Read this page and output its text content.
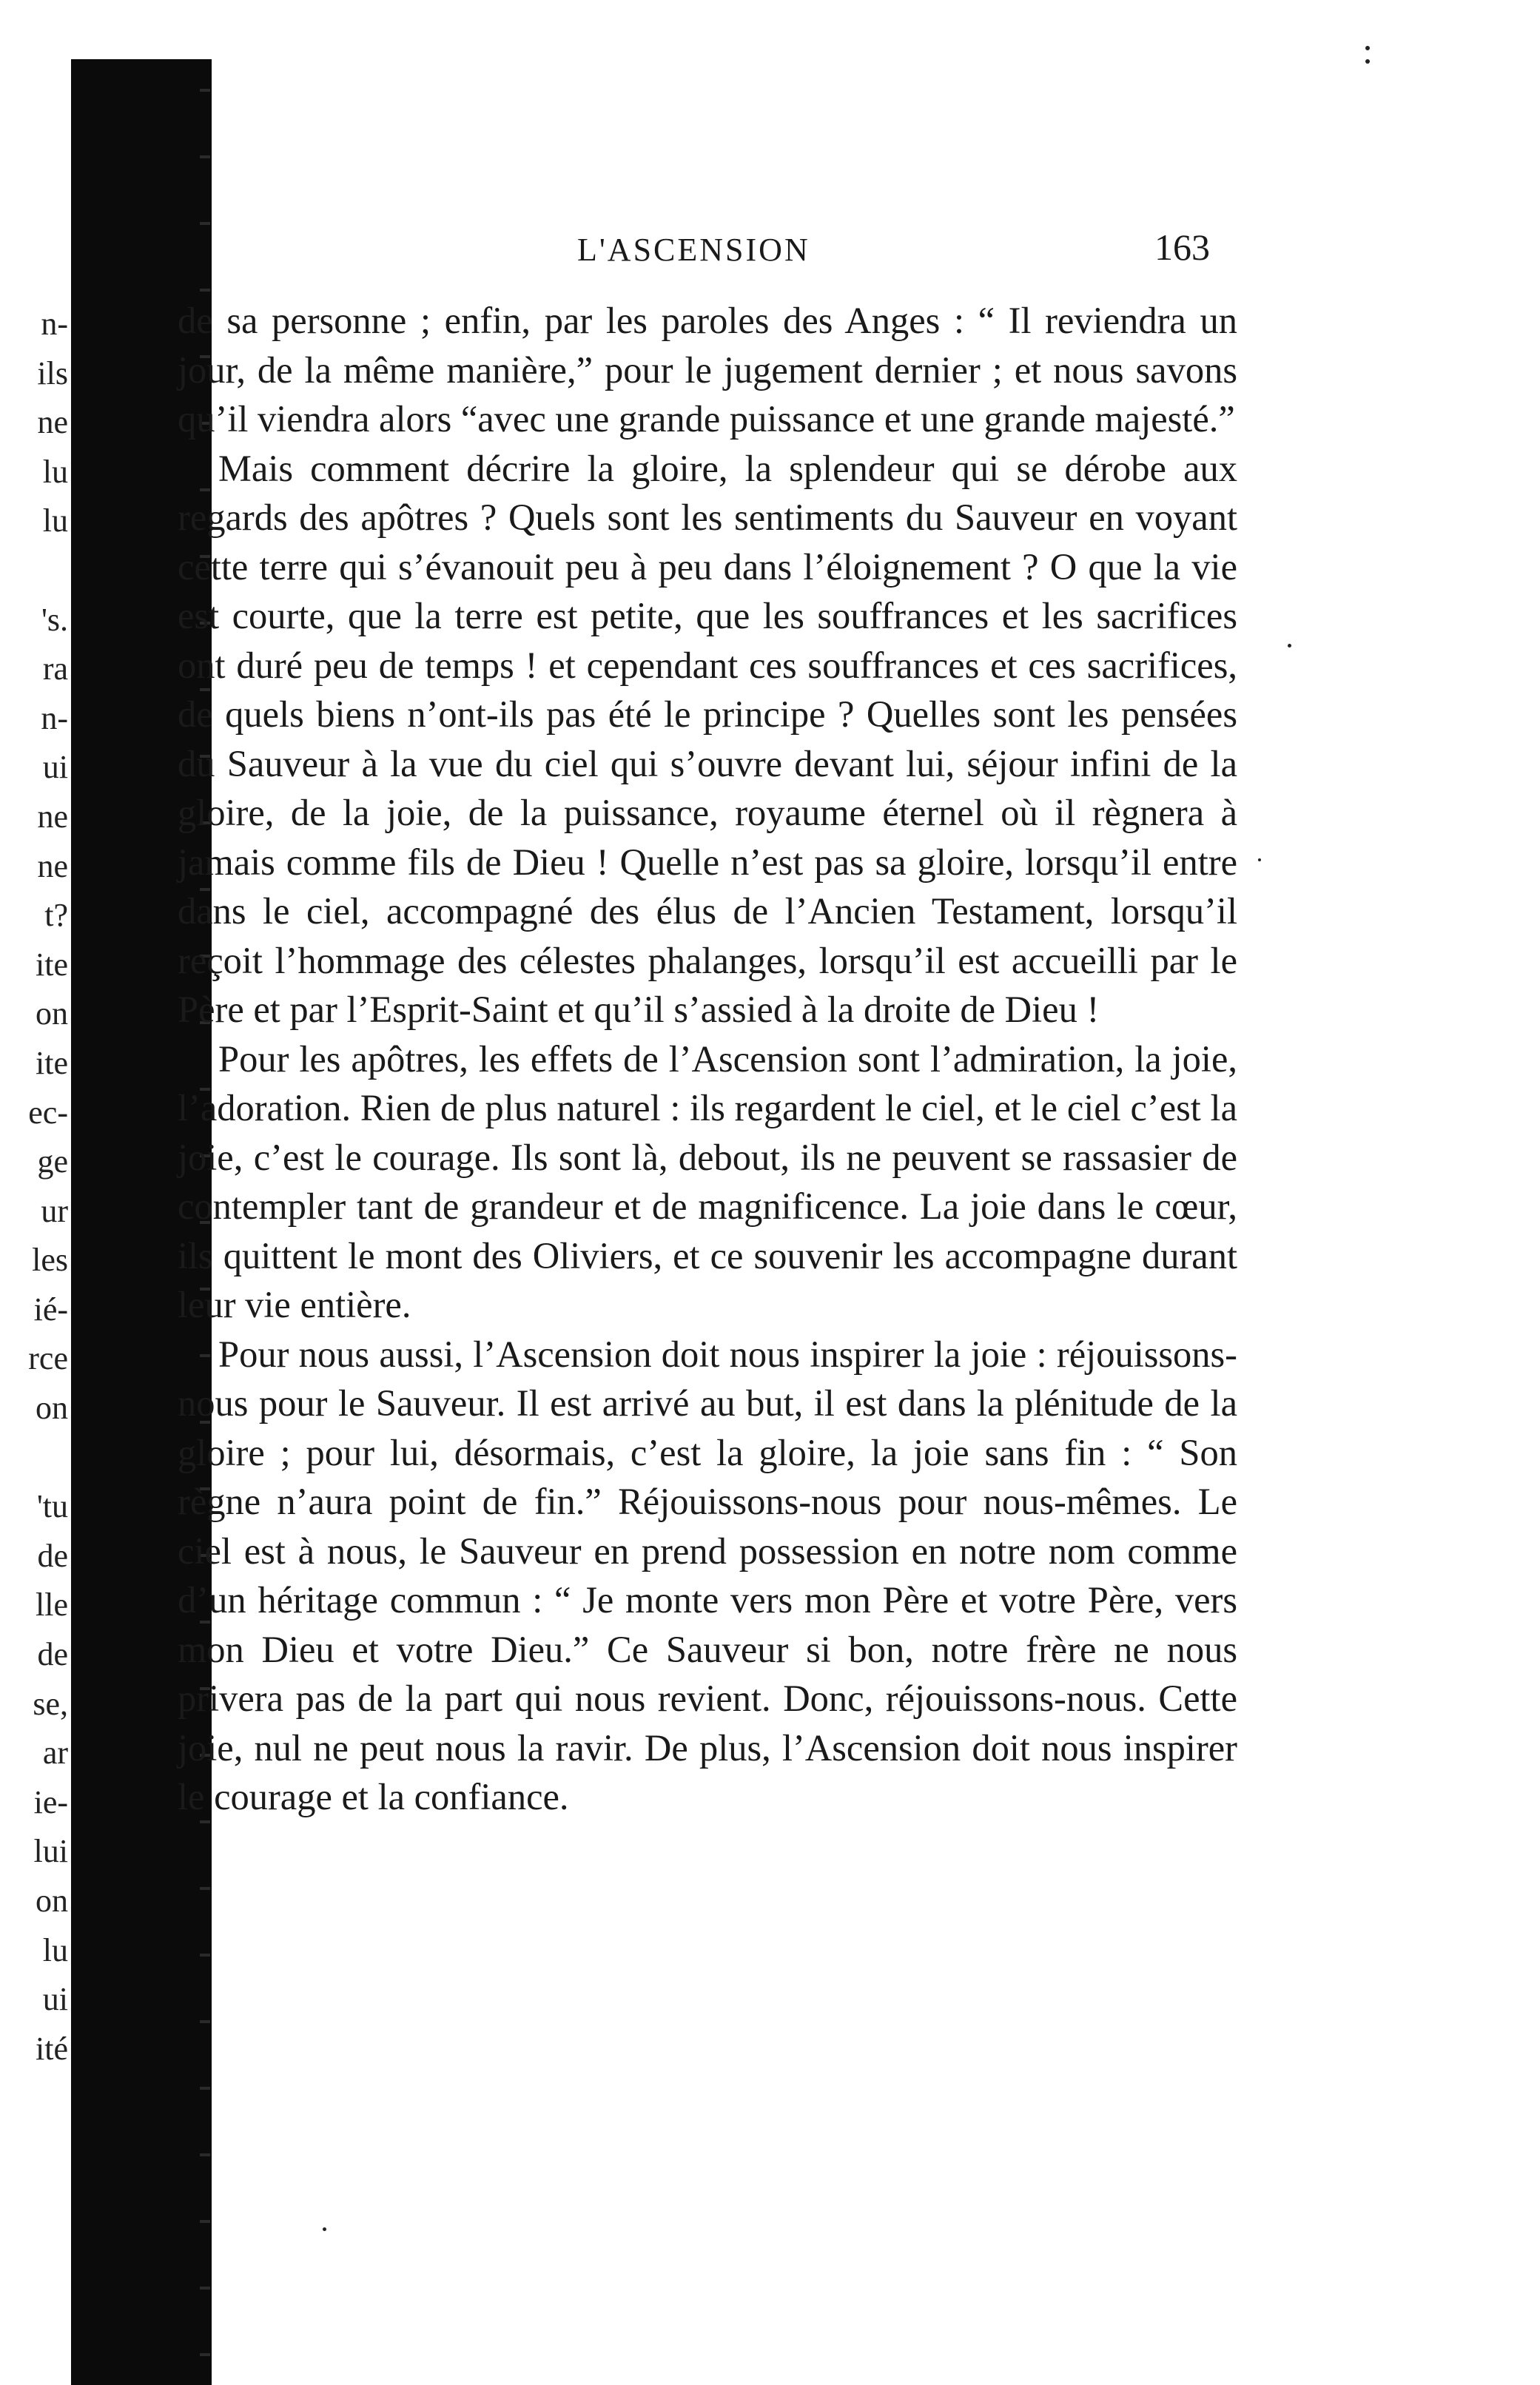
n-
ils
ne
lu
lu

's.
ra
n-
ui
ne
ne
t?
ite
on
ite
ec-
ge
ur
les
ié-
rce
on

'tu
de
lle
de
se,
ar
ie-
lui
on
lu
ui
ité
L'ASCENSION	163

de sa personne ; enfin, par les paroles des Anges : “ Il reviendra un jour, de la même manière,” pour le jugement dernier ; et nous savons qu’il viendra alors “avec une grande puissance et une grande majesté.”

Mais comment décrire la gloire, la splendeur qui se dérobe aux regards des apôtres ? Quels sont les sentiments du Sauveur en voyant cette terre qui s’évanouit peu à peu dans l’éloignement ? O que la vie est courte, que la terre est petite, que les souffrances et les sacrifices ont duré peu de temps ! et cependant ces souffrances et ces sacrifices, de quels biens n’ont-ils pas été le principe ? Quelles sont les pensées du Sauveur à la vue du ciel qui s’ouvre devant lui, séjour infini de la gloire, de la joie, de la puissance, royaume éternel où il règnera à jamais comme fils de Dieu ! Quelle n’est pas sa gloire, lorsqu’il entre dans le ciel, accompagné des élus de l’Ancien Testament, lorsqu’il reçoit l’hommage des célestes phalanges, lorsqu’il est accueilli par le Père et par l’Esprit-Saint et qu’il s’assied à la droite de Dieu !

Pour les apôtres, les effets de l’Ascension sont l’admiration, la joie, l’adoration. Rien de plus naturel : ils regardent le ciel, et le ciel c’est la joie, c’est le courage. Ils sont là, debout, ils ne peuvent se rassasier de contempler tant de grandeur et de magnificence. La joie dans le cœur, ils quittent le mont des Oliviers, et ce souvenir les accompagne durant leur vie entière.

Pour nous aussi, l’Ascension doit nous inspirer la joie : réjouissons-nous pour le Sauveur. Il est arrivé au but, il est dans la plénitude de la gloire ; pour lui, désormais, c’est la gloire, la joie sans fin : “ Son règne n’aura point de fin.” Réjouissons-nous pour nous-mêmes. Le ciel est à nous, le Sauveur en prend possession en notre nom comme d’un héritage commun : “ Je monte vers mon Père et votre Père, vers mon Dieu et votre Dieu.” Ce Sauveur si bon, notre frère ne nous privera pas de la part qui nous revient. Donc, réjouissons-nous. Cette joie, nul ne peut nous la ravir. De plus, l’Ascension doit nous inspirer le courage et la confiance.
